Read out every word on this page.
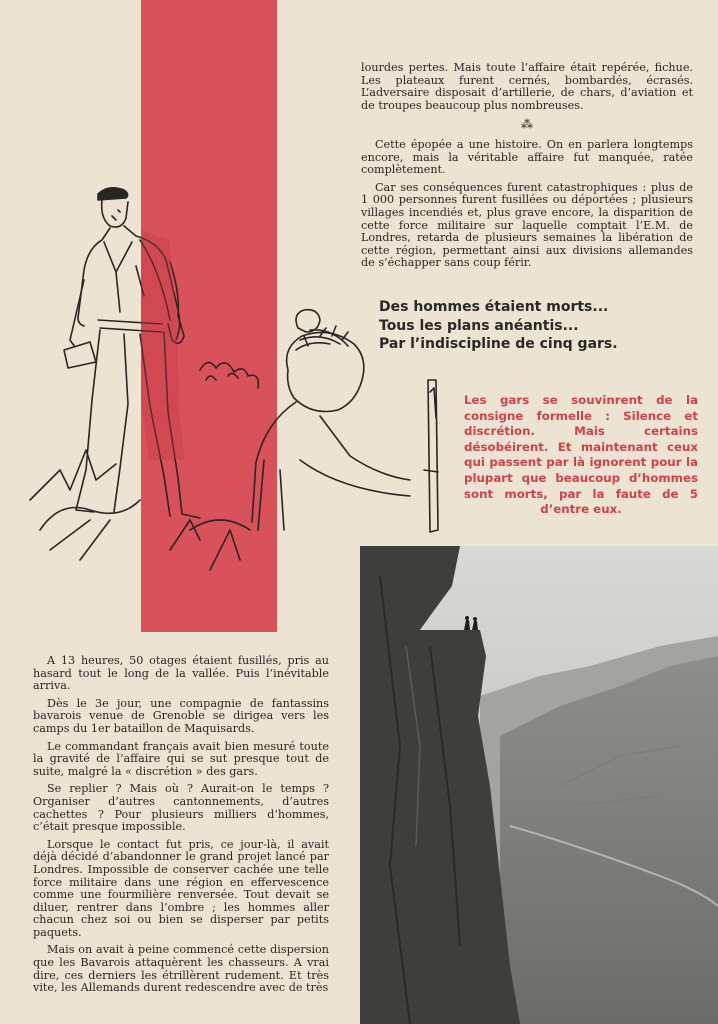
lourdes pertes. Mais toute l’affaire était repérée, fichue. Les plateaux furent cernés, bombardés, écrasés. L’adversaire disposait d’artillerie, de chars, d’aviation et de troupes beaucoup plus nombreuses.

⁂

Cette épopée a une histoire. On en parlera longtemps encore, mais la véritable affaire fut manquée, ratée complètement.

Car ses conséquences furent catastrophiques : plus de 1 000 personnes furent fusillées ou déportées ; plusieurs villages incendiés et, plus grave encore, la disparition de cette force militaire sur laquelle comptait l’E.M. de Londres, retarda de plusieurs semaines la libération de cette région, permettant ainsi aux divisions allemandes de s’échapper sans coup férir.

Des hommes étaient morts...
Tous les plans anéantis...
Par l’indiscipline de cinq gars.
Les gars se souvinrent de la consigne formelle : Silence et discrétion. Mais certains désobéirent. Et maintenant ceux qui passent par là ignorent pour la plupart que beaucoup d’hommes sont morts, par la faute de 5 d’entre eux.

A 13 heures, 50 otages étaient fusillés, pris au hasard tout le long de la vallée. Puis l’inévitable arriva.

Dès le 3e jour, une compagnie de fantassins bavarois venue de Grenoble se dirigea vers les camps du 1er bataillon de Maquisards.

Le commandant français avait bien mesuré toute la gravité de l’affaire qui se sut presque tout de suite, malgré la « discrétion » des gars.

Se replier ? Mais où ? Aurait-on le temps ? Organiser d’autres cantonnements, d’autres cachettes ? Pour plusieurs milliers d’hommes, c’était presque impossible.

Lorsque le contact fut pris, ce jour-là, il avait déjà décidé d’abandonner le grand projet lancé par Londres. Impossible de conserver cachée une telle force militaire dans une région en effervescence comme une fourmilière renversée. Tout devait se diluer, rentrer dans l’ombre ; les hommes aller chacun chez soi ou bien se disperser par petits paquets.

Mais on avait à peine commencé cette dispersion que les Bavarois attaquèrent les chasseurs. A vrai dire, ces derniers les étrillèrent rudement. Et très vite, les Allemands durent redescendre avec de très
